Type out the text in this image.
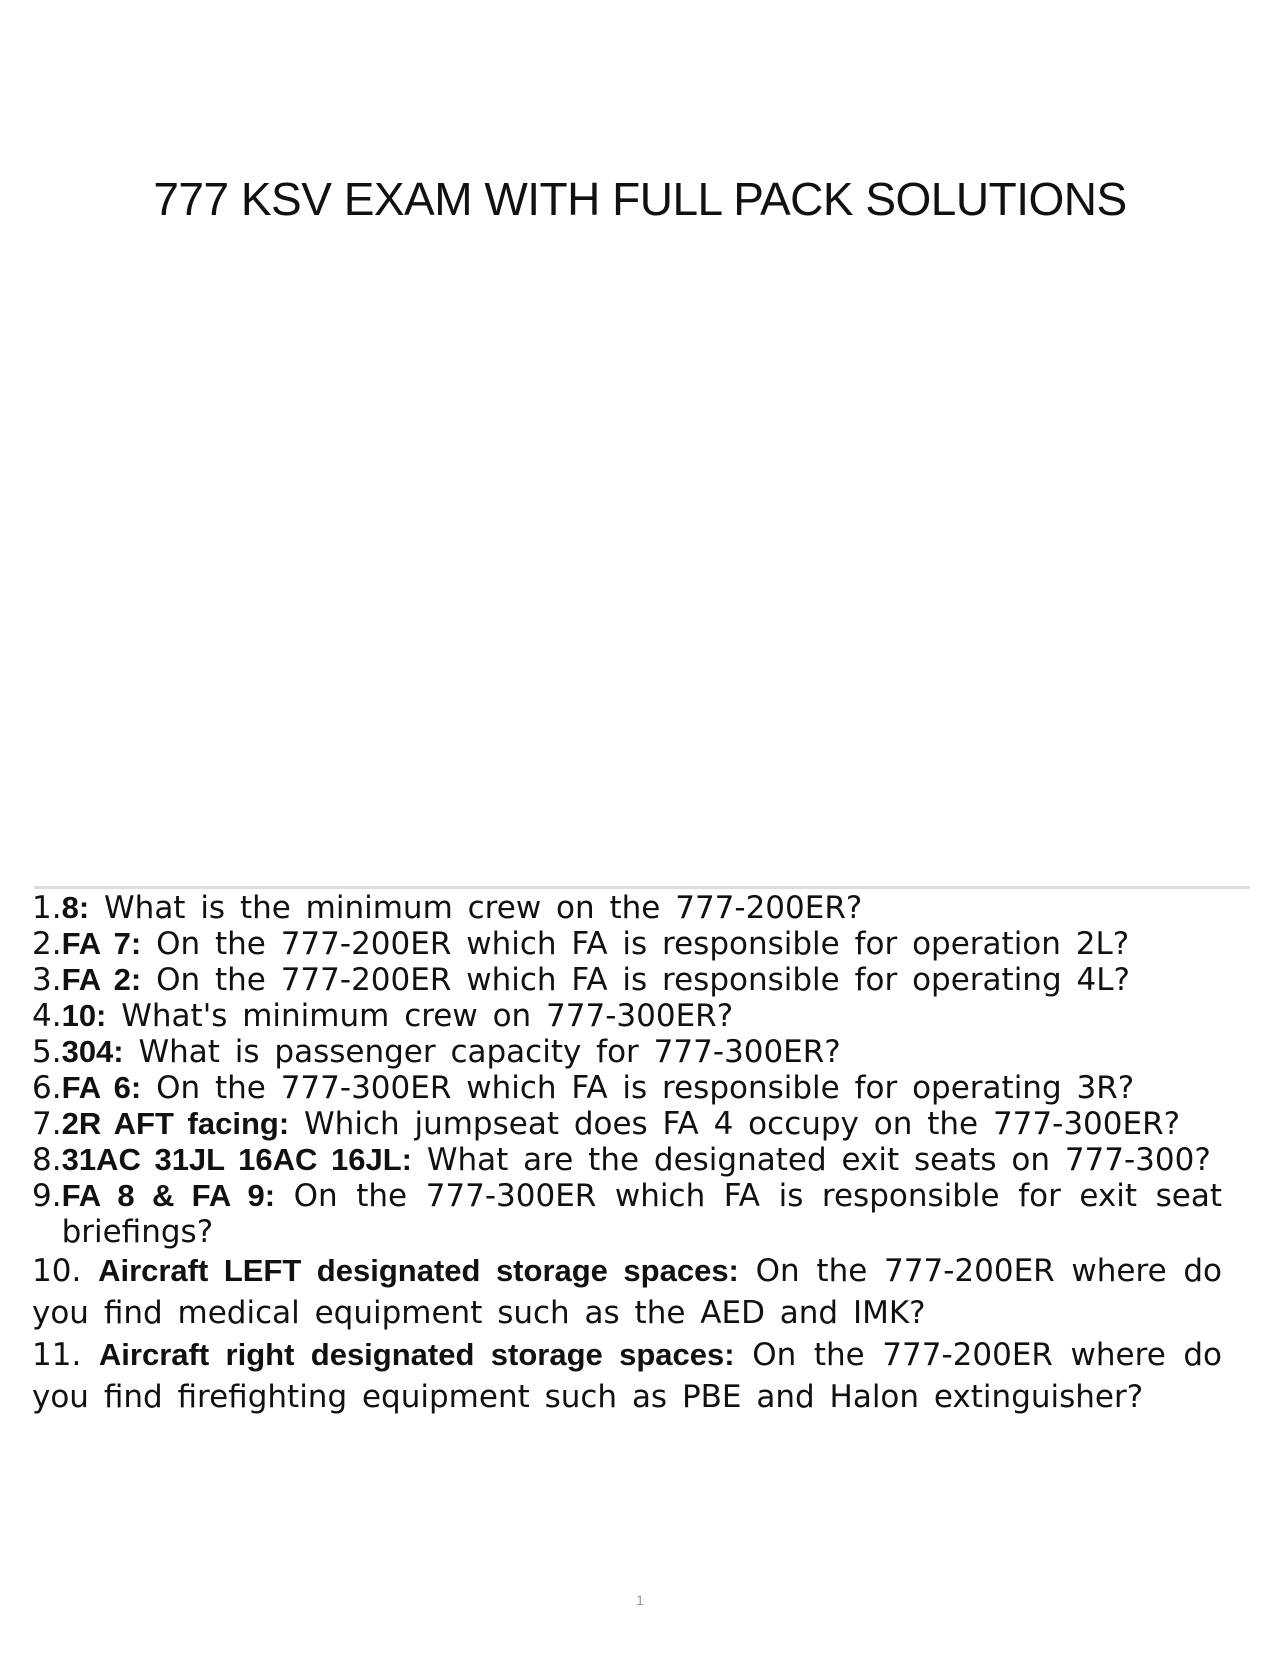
777 KSV EXAM WITH FULL PACK SOLUTIONS
1. 8: What is the minimum crew on the 777-200ER?
2. FA 7: On the 777-200ER which FA is responsible for operation 2L?
3. FA 2: On the 777-200ER which FA is responsible for operating 4L?
4. 10: What's minimum crew on 777-300ER?
5. 304: What is passenger capacity for 777-300ER?
6. FA 6: On the 777-300ER which FA is responsible for operating 3R?
7. 2R AFT facing: Which jumpseat does FA 4 occupy on the 777-300ER?
8. 31AC 31JL 16AC 16JL: What are the designated exit seats on 777-300?
9. FA 8 & FA 9: On the 777-300ER which FA is responsible for exit seat briefings?
10. Aircraft LEFT designated storage spaces: On the 777-200ER where do you find medical equipment such as the AED and IMK?
11. Aircraft right designated storage spaces: On the 777-200ER where do you find firefighting equipment such as PBE and Halon extinguisher?
1
